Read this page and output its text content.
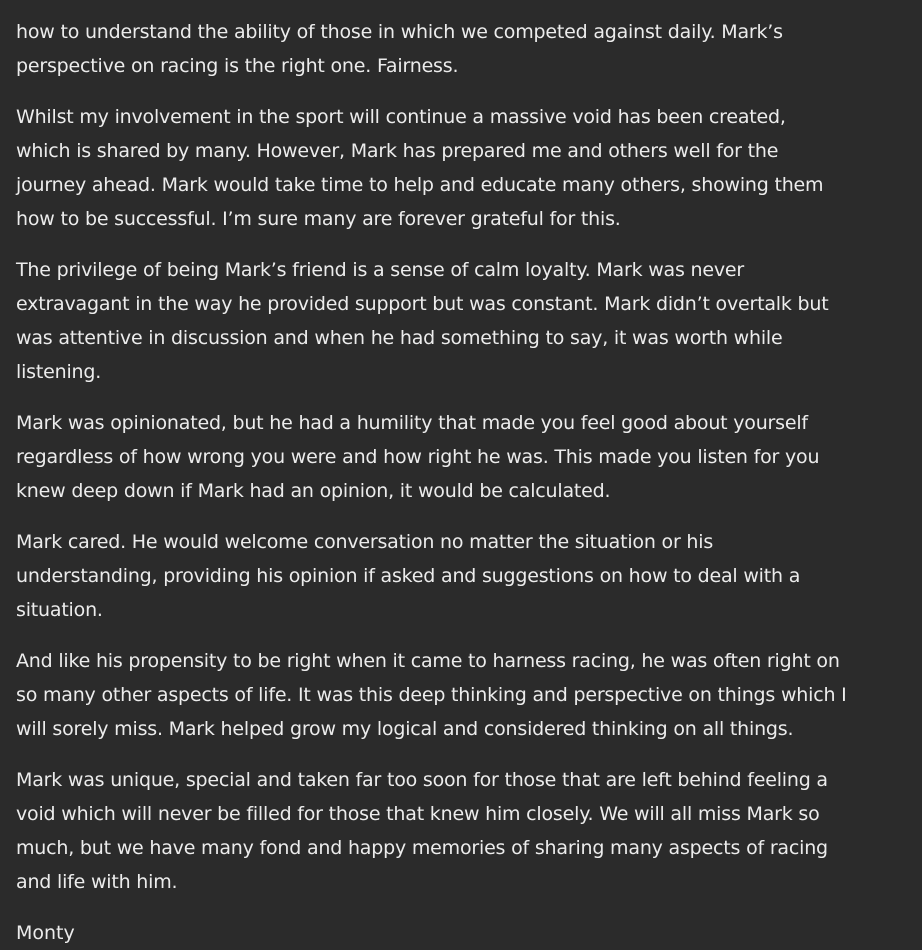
how to understand the ability of those in which we competed against daily. Mark’s
perspective on racing is the right one. Fairness.

Whilst my involvement in the sport will continue a massive void has been created,
which is shared by many. However, Mark has prepared me and others well for the
journey ahead. Mark would take time to help and educate many others, showing them
how to be successful. I’m sure many are forever grateful for this.

The privilege of being Mark’s friend is a sense of calm loyalty. Mark was never
extravagant in the way he provided support but was constant. Mark didn’t overtalk but
was attentive in discussion and when he had something to say, it was worth while
listening.

Mark was opinionated, but he had a humility that made you feel good about yourself
regardless of how wrong you were and how right he was. This made you listen for you
knew deep down if Mark had an opinion, it would be calculated.

Mark cared. He would welcome conversation no matter the situation or his
understanding, providing his opinion if asked and suggestions on how to deal with a
situation.

And like his propensity to be right when it came to harness racing, he was often right on
so many other aspects of life. It was this deep thinking and perspective on things which I
will sorely miss. Mark helped grow my logical and considered thinking on all things.

Mark was unique, special and taken far too soon for those that are left behind feeling a
void which will never be filled for those that knew him closely. We will all miss Mark so
much, but we have many fond and happy memories of sharing many aspects of racing
and life with him.

Monty
